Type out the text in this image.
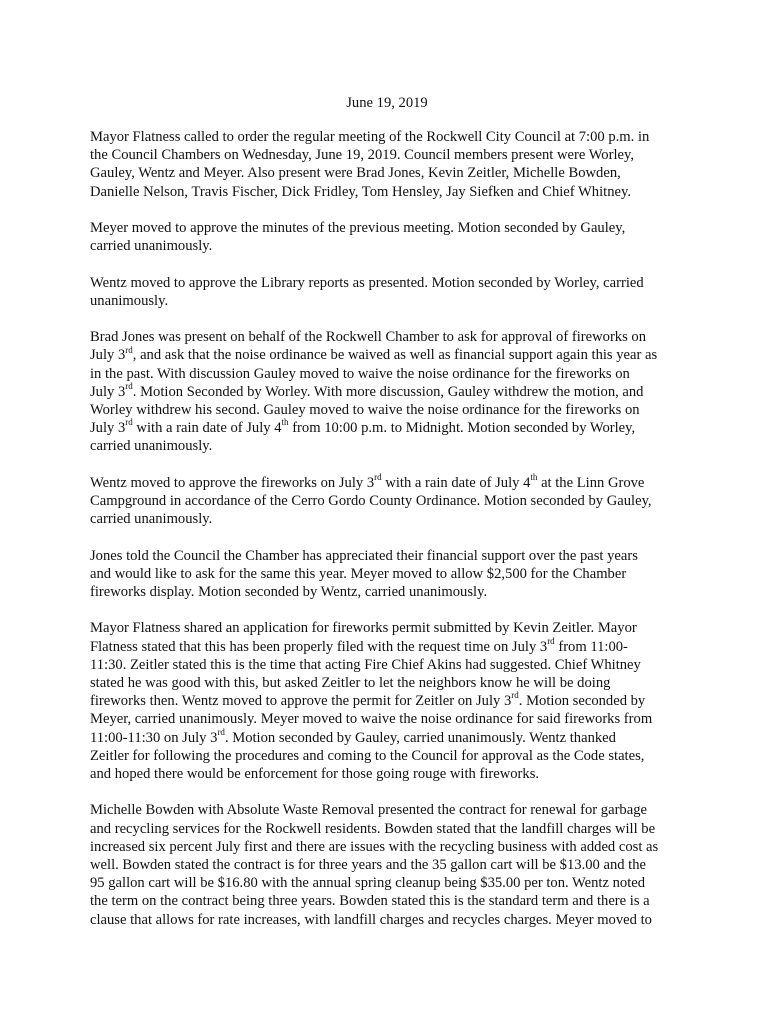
June 19, 2019
Mayor Flatness called to order the regular meeting of the Rockwell City Council at 7:00 p.m. in
the Council Chambers on Wednesday, June 19, 2019. Council members present were Worley,
Gauley, Wentz and Meyer. Also present were Brad Jones, Kevin Zeitler, Michelle Bowden,
Danielle Nelson, Travis Fischer, Dick Fridley, Tom Hensley, Jay Siefken and Chief Whitney.
Meyer moved to approve the minutes of the previous meeting. Motion seconded by Gauley,
carried unanimously.
Wentz moved to approve the Library reports as presented. Motion seconded by Worley, carried
unanimously.
Brad Jones was present on behalf of the Rockwell Chamber to ask for approval of fireworks on
July 3rd, and ask that the noise ordinance be waived as well as financial support again this year as
in the past. With discussion Gauley moved to waive the noise ordinance for the fireworks on
July 3rd. Motion Seconded by Worley. With more discussion, Gauley withdrew the motion, and
Worley withdrew his second. Gauley moved to waive the noise ordinance for the fireworks on
July 3rd with a rain date of July 4th from 10:00 p.m. to Midnight. Motion seconded by Worley,
carried unanimously.
Wentz moved to approve the fireworks on July 3rd with a rain date of July 4th at the Linn Grove
Campground in accordance of the Cerro Gordo County Ordinance. Motion seconded by Gauley,
carried unanimously.
Jones told the Council the Chamber has appreciated their financial support over the past years
and would like to ask for the same this year. Meyer moved to allow $2,500 for the Chamber
fireworks display. Motion seconded by Wentz, carried unanimously.
Mayor Flatness shared an application for fireworks permit submitted by Kevin Zeitler. Mayor
Flatness stated that this has been properly filed with the request time on July 3rd from 11:00-
11:30. Zeitler stated this is the time that acting Fire Chief Akins had suggested. Chief Whitney
stated he was good with this, but asked Zeitler to let the neighbors know he will be doing
fireworks then. Wentz moved to approve the permit for Zeitler on July 3rd. Motion seconded by
Meyer, carried unanimously. Meyer moved to waive the noise ordinance for said fireworks from
11:00-11:30 on July 3rd. Motion seconded by Gauley, carried unanimously. Wentz thanked
Zeitler for following the procedures and coming to the Council for approval as the Code states,
and hoped there would be enforcement for those going rouge with fireworks.
Michelle Bowden with Absolute Waste Removal presented the contract for renewal for garbage
and recycling services for the Rockwell residents. Bowden stated that the landfill charges will be
increased six percent July first and there are issues with the recycling business with added cost as
well. Bowden stated the contract is for three years and the 35 gallon cart will be $13.00 and the
95 gallon cart will be $16.80 with the annual spring cleanup being $35.00 per ton. Wentz noted
the term on the contract being three years. Bowden stated this is the standard term and there is a
clause that allows for rate increases, with landfill charges and recycles charges. Meyer moved to
